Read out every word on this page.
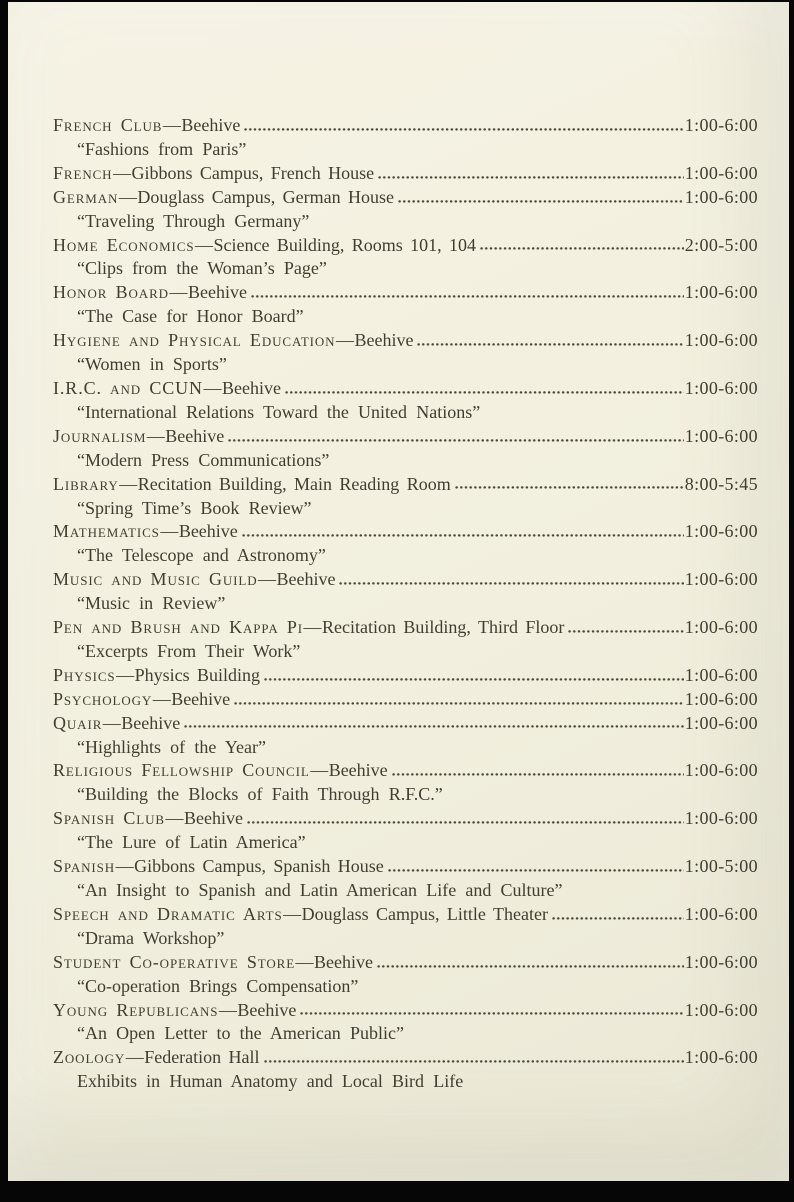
French Club — Beehive	1:00-6:00
“Fashions from Paris”
French — Gibbons Campus, French House	1:00-6:00
German — Douglass Campus, German House	1:00-6:00
“Traveling Through Germany”
Home Economics — Science Building, Rooms 101, 104	2:00-5:00
“Clips from the Woman’s Page”
Honor Board — Beehive	1:00-6:00
“The Case for Honor Board”
Hygiene and Physical Education — Beehive	1:00-6:00
“Women in Sports”
I.R.C. and CCUN — Beehive	1:00-6:00
“International Relations Toward the United Nations”
Journalism — Beehive	1:00-6:00
“Modern Press Communications”
Library — Recitation Building, Main Reading Room	8:00-5:45
“Spring Time’s Book Review”
Mathematics — Beehive	1:00-6:00
“The Telescope and Astronomy”
Music and Music Guild — Beehive	1:00-6:00
“Music in Review”
Pen and Brush and Kappa Pi — Recitation Building, Third Floor	1:00-6:00
“Excerpts From Their Work”
Physics — Physics Building	1:00-6:00
Psychology — Beehive	1:00-6:00
Quair — Beehive	1:00-6:00
“Highlights of the Year”
Religious Fellowship Council — Beehive	1:00-6:00
“Building the Blocks of Faith Through R.F.C.”
Spanish Club — Beehive	1:00-6:00
“The Lure of Latin America”
Spanish — Gibbons Campus, Spanish House	1:00-5:00
“An Insight to Spanish and Latin American Life and Culture”
Speech and Dramatic Arts — Douglass Campus, Little Theater	1:00-6:00
“Drama Workshop”
Student Co-operative Store — Beehive	1:00-6:00
“Co-operation Brings Compensation”
Young Republicans — Beehive	1:00-6:00
“An Open Letter to the American Public”
Zoology — Federation Hall	1:00-6:00
Exhibits in Human Anatomy and Local Bird Life
